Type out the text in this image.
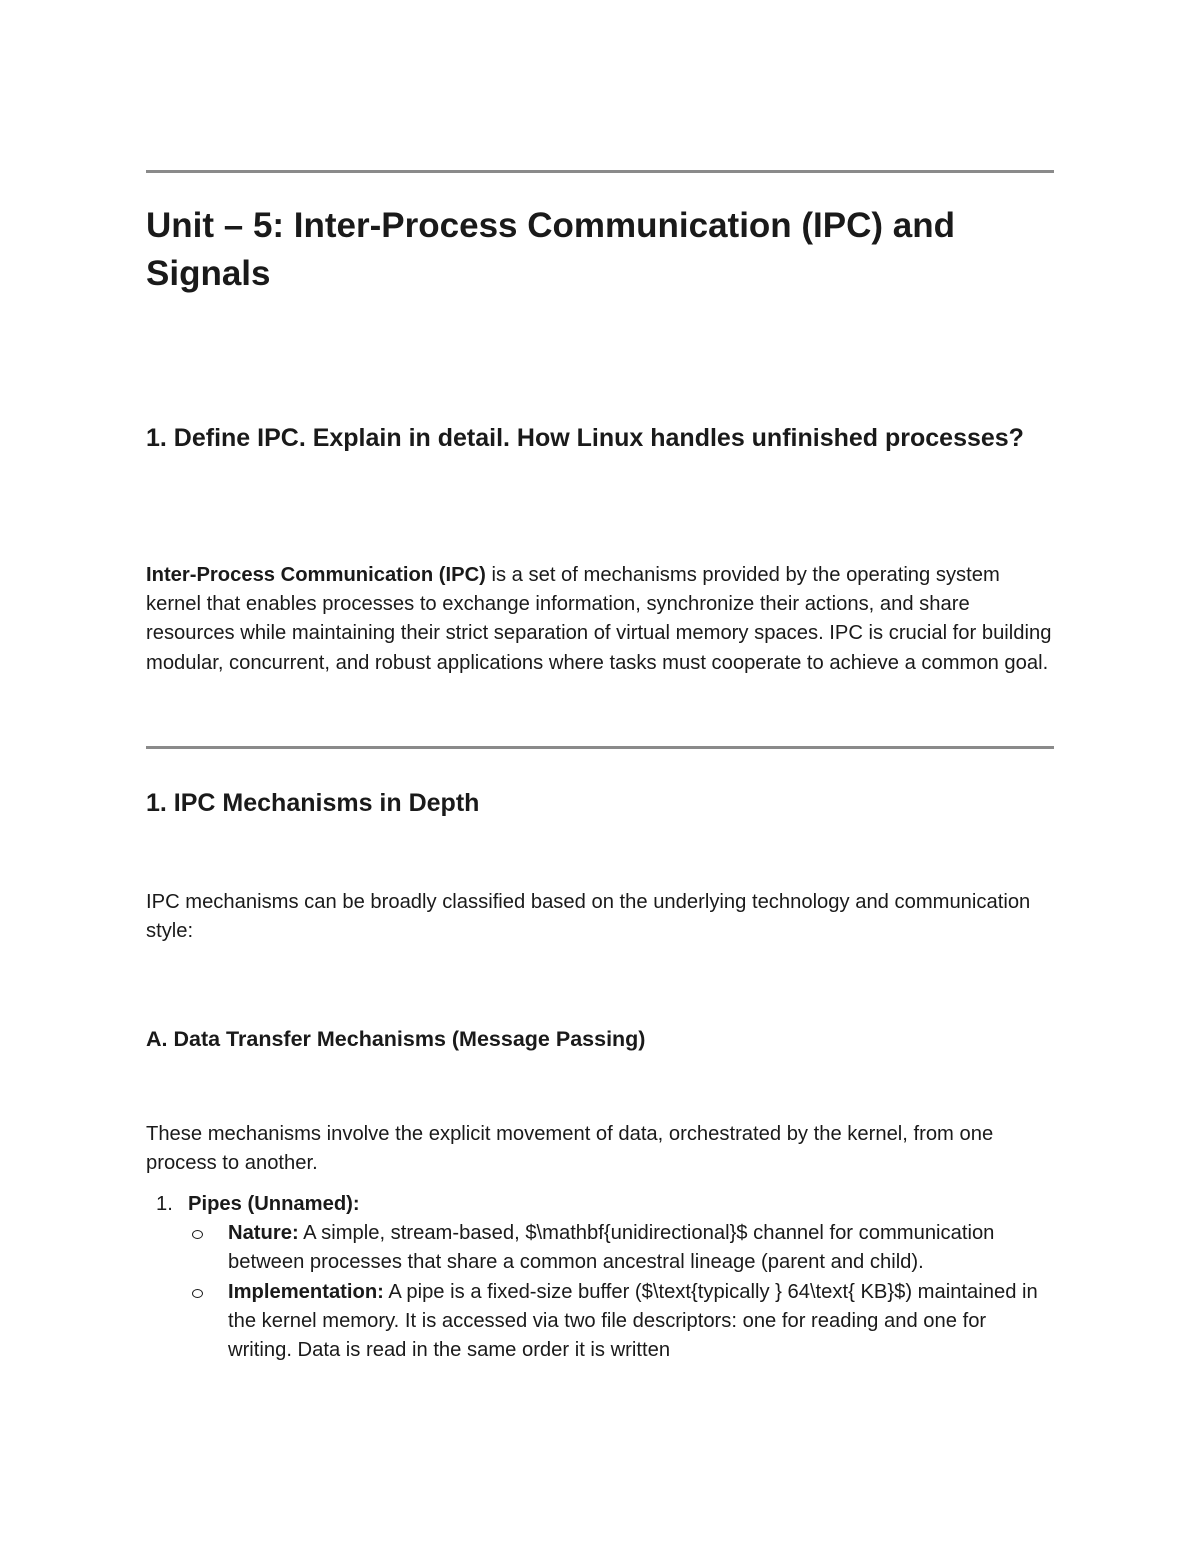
Unit – 5: Inter-Process Communication (IPC) and Signals
1. Define IPC. Explain in detail. How Linux handles unfinished processes?

Inter-Process Communication (IPC) is a set of mechanisms provided by the operating system kernel that enables processes to exchange information, synchronize their actions, and share resources while maintaining their strict separation of virtual memory spaces. IPC is crucial for building modular, concurrent, and robust applications where tasks must cooperate to achieve a common goal.

1. IPC Mechanisms in Depth

IPC mechanisms can be broadly classified based on the underlying technology and communication style:

A. Data Transfer Mechanisms (Message Passing)

These mechanisms involve the explicit movement of data, orchestrated by the kernel, from one process to another.

1. Pipes (Unnamed):
Nature: A simple, stream-based, $\mathbf{unidirectional}$ channel for communication between processes that share a common ancestral lineage (parent and child).
Implementation: A pipe is a fixed-size buffer ($\text{typically } 64\text{ KB}$) maintained in the kernel memory. It is accessed via two file descriptors: one for reading and one for writing. Data is read in the same order it is written
